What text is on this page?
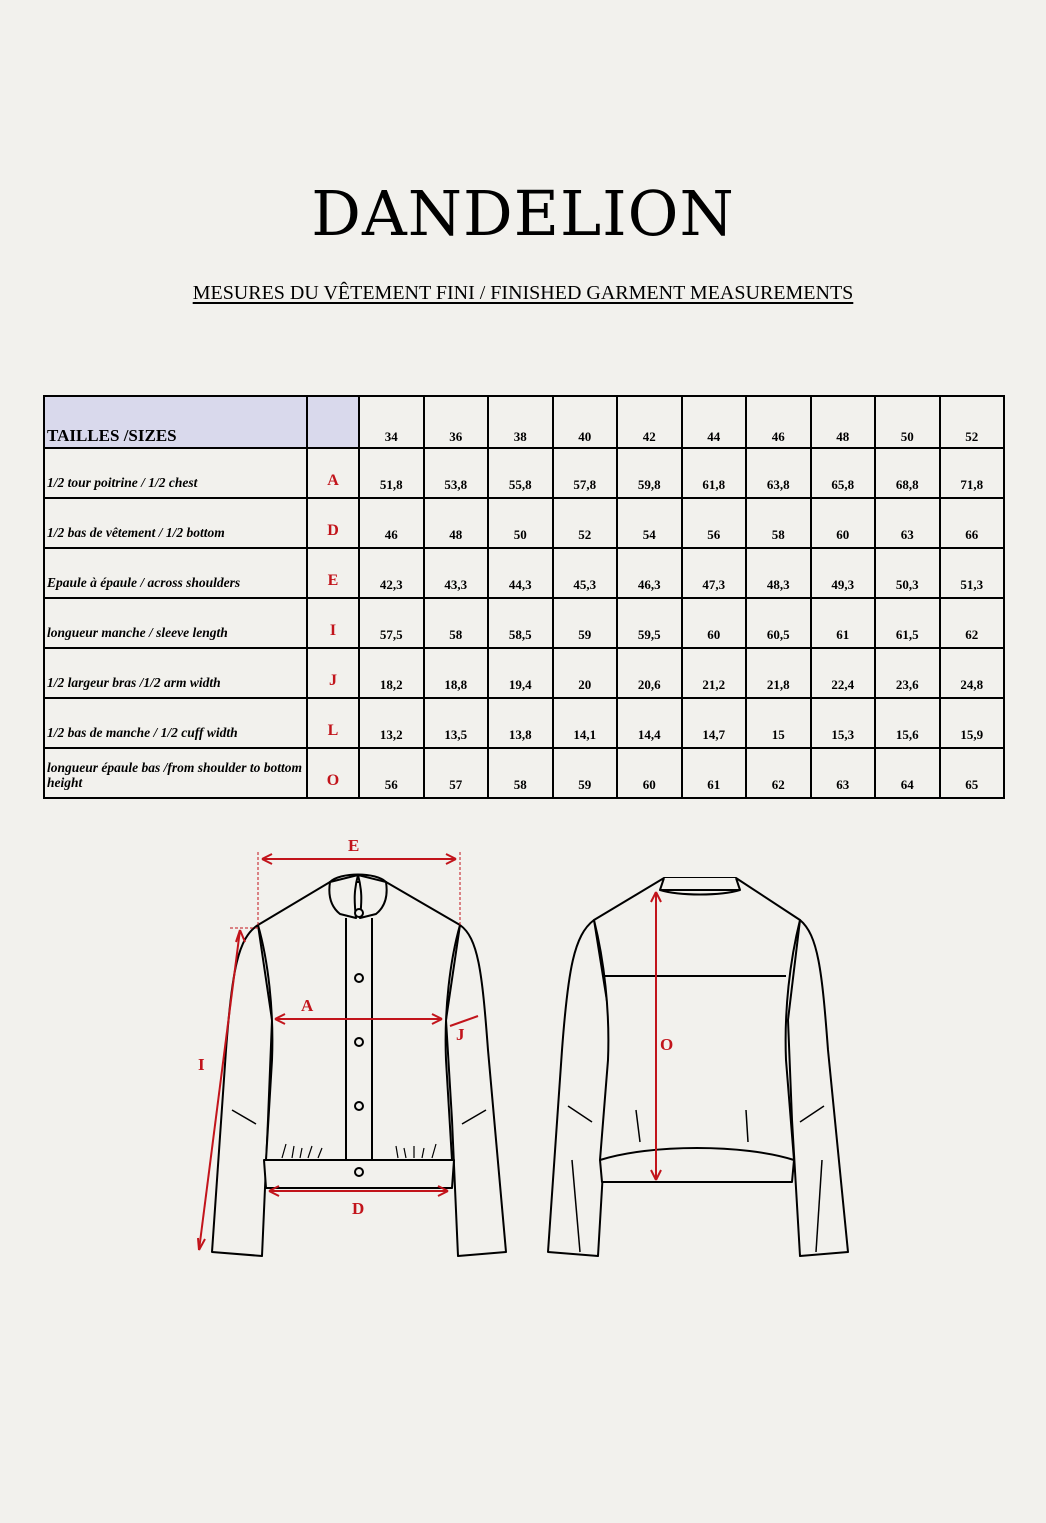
DANDELION
MESURES DU VÊTEMENT FINI / FINISHED GARMENT MEASUREMENTS
TAILLES /SIZES		34	36	38	40	42	44	46	48	50	52
1/2 tour poitrine / 1/2 chest	A	51,8	53,8	55,8	57,8	59,8	61,8	63,8	65,8	68,8	71,8
1/2 bas de vêtement / 1/2 bottom	D	46	48	50	52	54	56	58	60	63	66
Epaule à épaule / across shoulders	E	42,3	43,3	44,3	45,3	46,3	47,3	48,3	49,3	50,3	51,3
longueur manche / sleeve length	I	57,5	58	58,5	59	59,5	60	60,5	61	61,5	62
1/2 largeur bras /1/2 arm width	J	18,2	18,8	19,4	20	20,6	21,2	21,8	22,4	23,6	24,8
1/2 bas de manche / 1/2 cuff width	L	13,2	13,5	13,8	14,1	14,4	14,7	15	15,3	15,6	15,9
longueur épaule bas /from shoulder to bottom height	O	56	57	58	59	60	61	62	63	64	65
E
A
J
I
D
O
